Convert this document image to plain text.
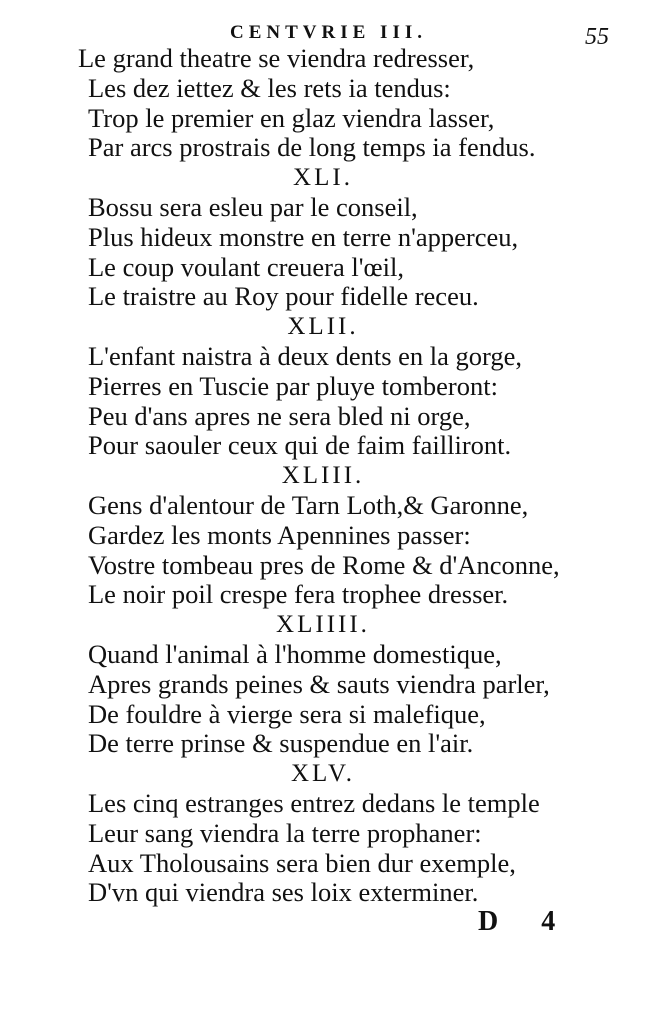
CENTVRIE III.	55
Le grand theatre se viendra redresser,
Les dez iettez & les rets ia tendus:
Trop le premier en glaz viendra lasser,
Par arcs prostrais de long temps ia fendus.
XLI.
Bossu sera esleu par le conseil,
Plus hideux monstre en terre n'apperceu,
Le coup voulant creuera l'œil,
Le traistre au Roy pour fidelle receu.
XLII.
L'enfant naistra à deux dents en la gorge,
Pierres en Tuscie par pluye tomberont:
Peu d'ans apres ne sera bled ni orge,
Pour saouler ceux qui de faim failliront.
XLIII.
Gens d'alentour de Tarn Loth,& Garonne,
Gardez les monts Apennines passer:
Vostre tombeau pres de Rome & d'Anconne,
Le noir poil crespe fera trophee dresser.
XLIIII.
Quand l'animal à l'homme domestique,
Apres grands peines & sauts viendra parler,
De fouldre à vierge sera si malefique,
De terre prinse & suspendue en l'air.
XLV.
Les cinq estranges entrez dedans le temple
Leur sang viendra la terre prophaner:
Aux Tholousains sera bien dur exemple,
D'vn qui viendra ses loix exterminer.
D 4
